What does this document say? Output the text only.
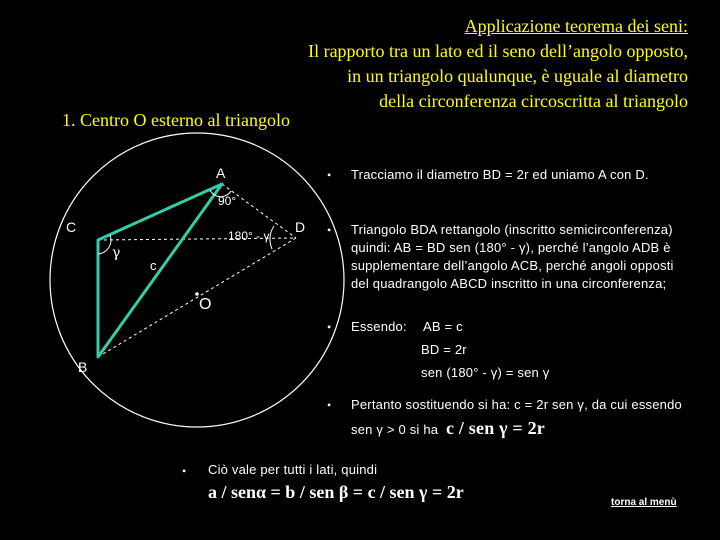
Applicazione teorema dei seni:
Il rapporto tra un lato ed il seno dell’angolo opposto,
in un triangolo qualunque, è uguale al diametro
della circonferenza circoscritta al triangolo
1. Centro O esterno al triangolo
A
C	D
B
O
c
90°
180° - γ
γ
• Tracciamo il diametro BD = 2r ed uniamo A con D.
• Triangolo BDA rettangolo (inscritto semicirconferenza)
quindi: AB = BD sen (180° - γ), perché l’angolo ADB è
supplementare dell’angolo ACB, perché angoli opposti
del quadrangolo ABCD inscritto in una circonferenza;
• Essendo: AB = c
BD = 2r
sen (180° - γ) = sen γ
• Pertanto sostituendo si ha: c = 2r sen γ, da cui essendo
sen γ > 0 si ha c / sen γ = 2r
• Ciò vale per tutti i lati, quindi
a / senα = b / sen β = c / sen γ = 2r
torna al menù
